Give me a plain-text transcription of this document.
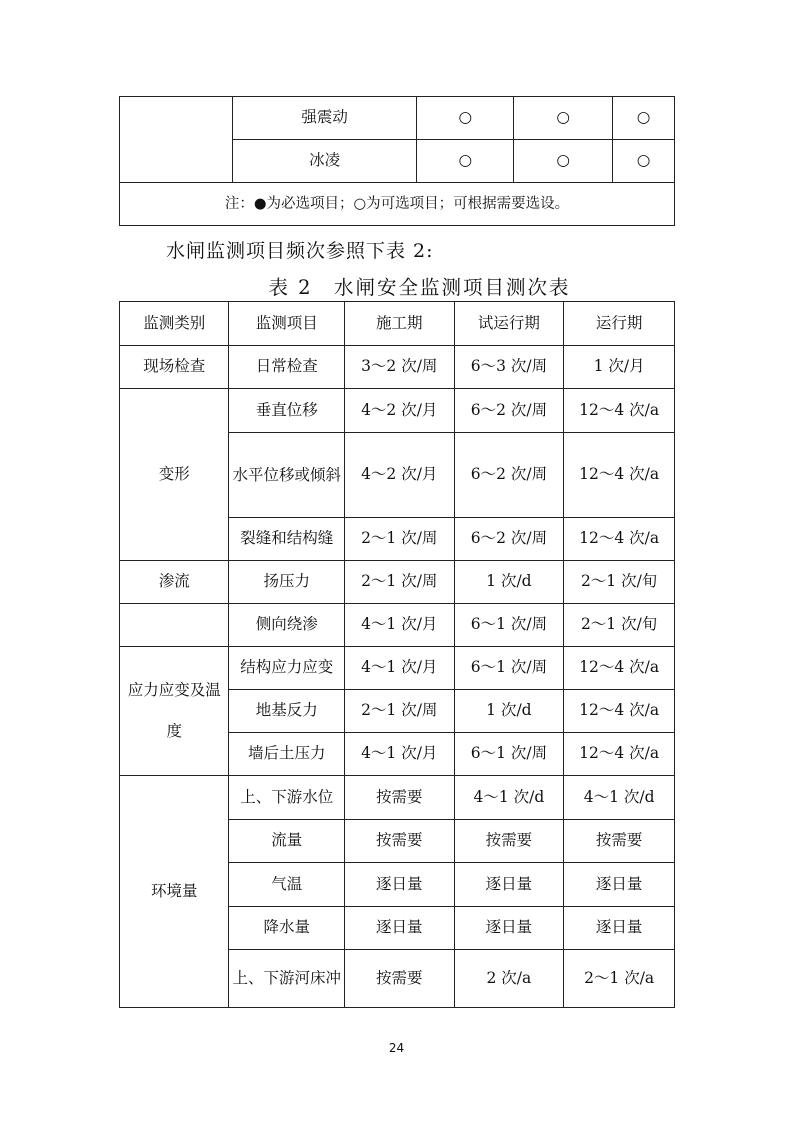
	强震动	○	○	○
	冰凌	○	○	○
注：●为必选项目；○为可选项目；可根据需要选设。				

水闸监测项目频次参照下表 2:

表 2　水闸安全监测项目测次表

监测类别	监测项目	施工期	试运行期	运行期
现场检查	日常检查	3～2 次/周	6～3 次/周	1 次/月
变形	垂直位移	4～2 次/月	6～2 次/周	12～4 次/a
	水平位移或倾斜	4～2 次/月	6～2 次/周	12～4 次/a
	裂缝和结构缝	2～1 次/周	6～2 次/周	12～4 次/a
渗流	扬压力	2～1 次/周	1 次/d	2～1 次/旬
	侧向绕渗	4～1 次/月	6～1 次/周	2～1 次/旬
应力应变及温度	结构应力应变	4～1 次/月	6～1 次/周	12～4 次/a
	地基反力	2～1 次/周	1 次/d	12～4 次/a
	墙后土压力	4～1 次/月	6～1 次/周	12～4 次/a
环境量	上、下游水位	按需要	4～1 次/d	4～1 次/d
	流量	按需要	按需要	按需要
	气温	逐日量	逐日量	逐日量
	降水量	逐日量	逐日量	逐日量
	上、下游河床冲	按需要	2 次/a	2～1 次/a

24
